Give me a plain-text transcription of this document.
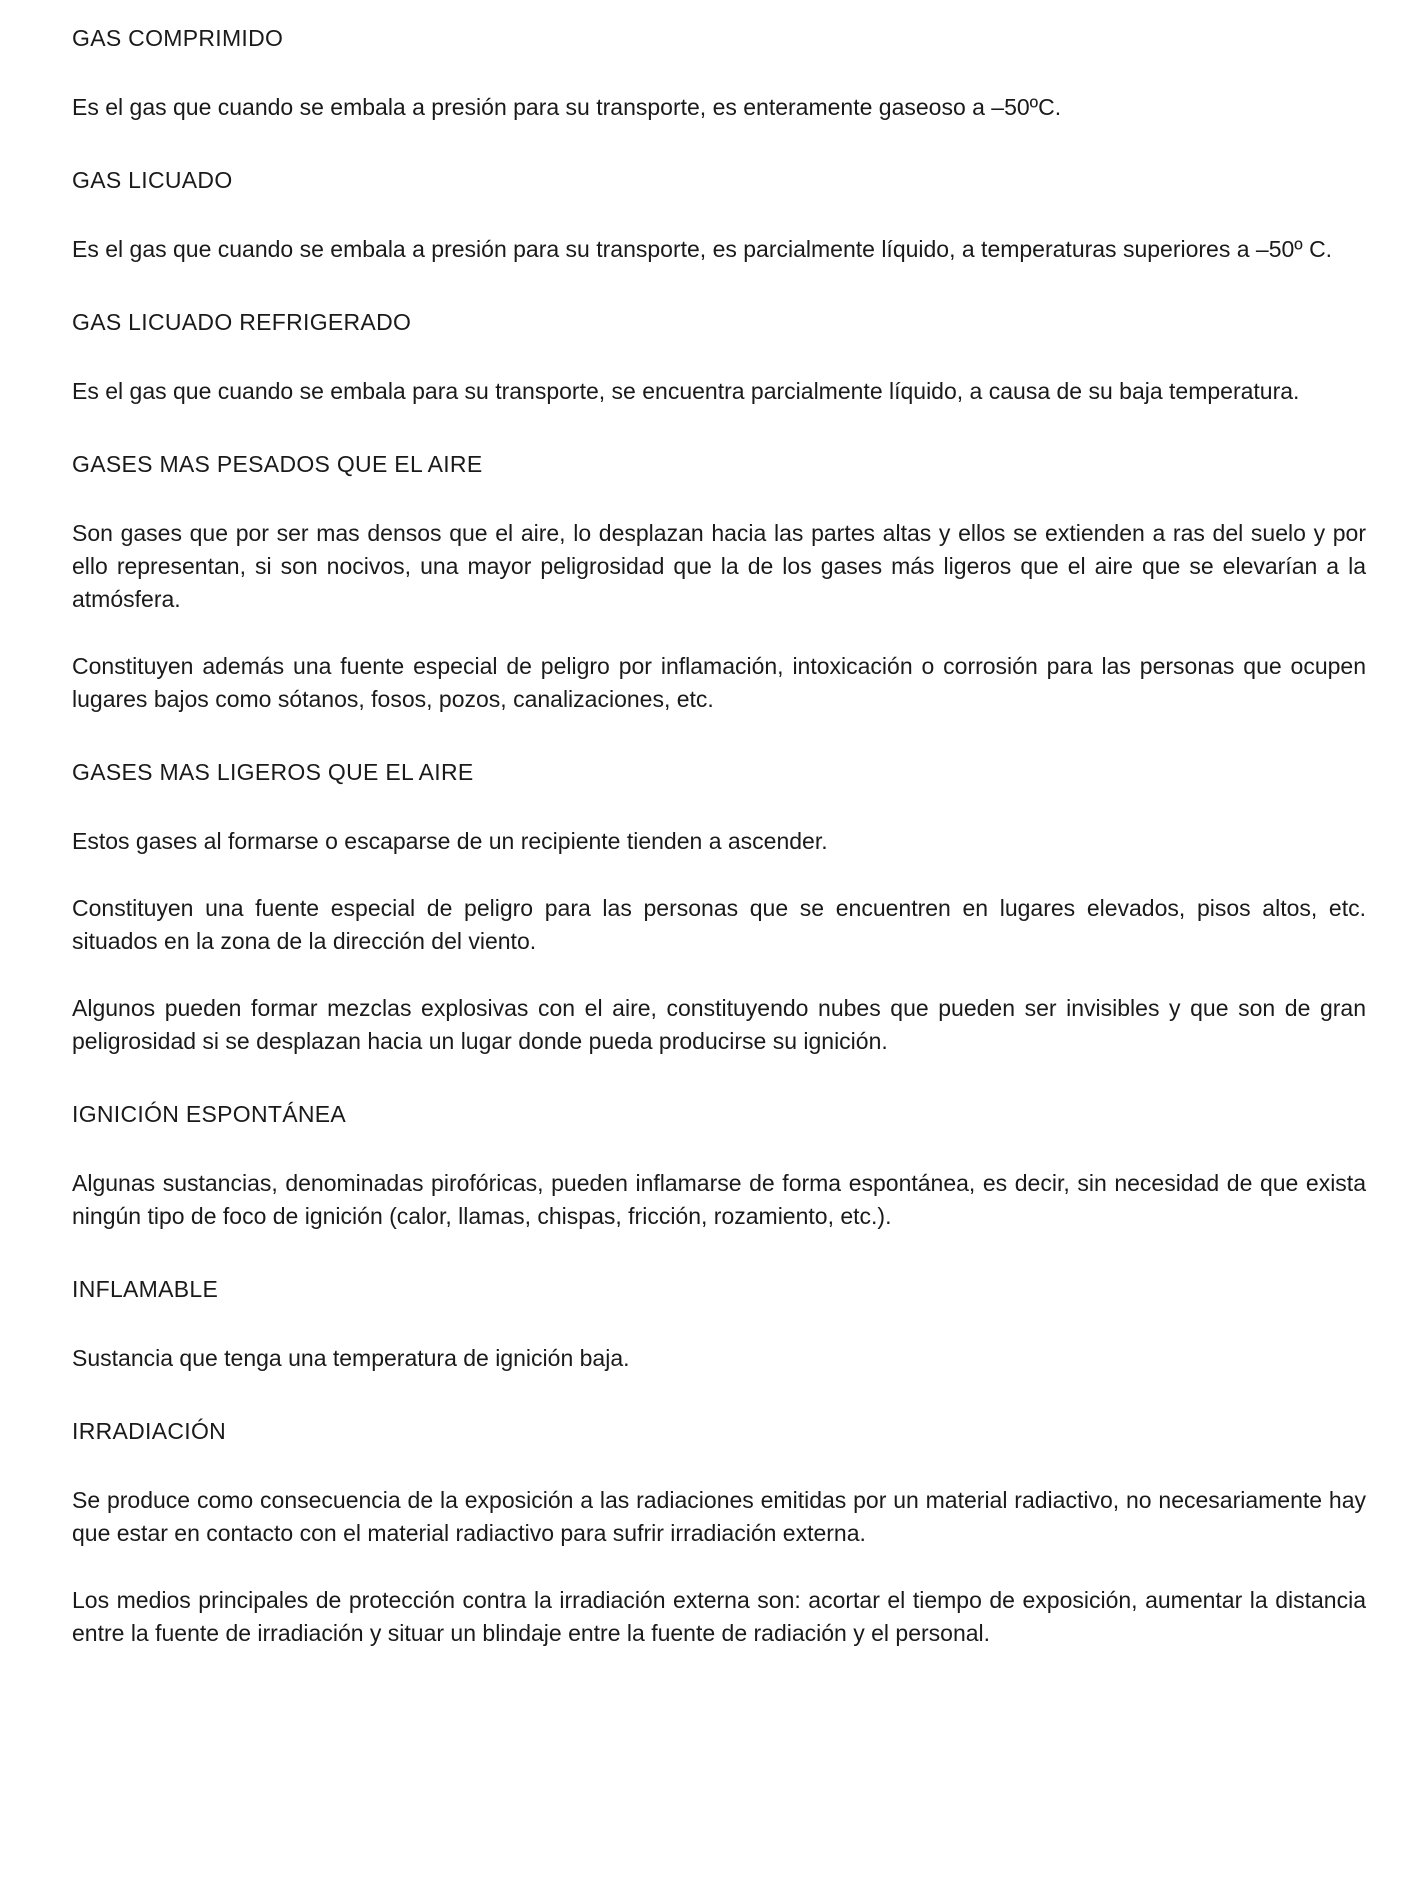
GAS COMPRIMIDO

Es el gas que cuando se embala a presión para su transporte, es enteramente gaseoso a –50ºC.

GAS LICUADO

Es el gas que cuando se embala a presión para su transporte, es parcialmente líquido, a temperaturas superiores a –50º C.

GAS LICUADO REFRIGERADO

Es el gas que cuando se embala para su transporte, se encuentra parcialmente líquido, a causa de su baja temperatura.

GASES MAS PESADOS QUE EL AIRE

Son gases que por ser mas densos que el aire, lo desplazan hacia las partes altas y ellos se extienden a ras del suelo y por ello representan, si son nocivos, una mayor peligrosidad que la de los gases más ligeros que el aire que se elevarían a la atmósfera.

Constituyen además una fuente especial de peligro por inflamación, intoxicación o corrosión para las personas que ocupen lugares bajos como sótanos, fosos, pozos, canalizaciones, etc.

GASES MAS LIGEROS QUE EL AIRE

Estos gases al formarse o escaparse de un recipiente tienden a ascender.

Constituyen una fuente especial de peligro para las personas que se encuentren en lugares elevados, pisos altos, etc. situados en la zona de la dirección del viento.

Algunos pueden formar mezclas explosivas con el aire, constituyendo nubes que pueden ser invisibles y que son de gran peligrosidad si se desplazan hacia un lugar donde pueda producirse su ignición.

IGNICIÓN ESPONTÁNEA

Algunas sustancias, denominadas pirofóricas, pueden inflamarse de forma espontánea, es decir, sin necesidad de que exista ningún tipo de foco de ignición (calor, llamas, chispas, fricción, rozamiento, etc.).

INFLAMABLE

Sustancia que tenga una temperatura de ignición baja.

IRRADIACIÓN

Se produce como consecuencia de la exposición a las radiaciones emitidas por un material radiactivo, no necesariamente hay que estar en contacto con el material radiactivo para sufrir irradiación externa.

Los medios principales de protección contra la irradiación externa son: acortar el tiempo de exposición, aumentar la distancia entre la fuente de irradiación y situar un blindaje entre la fuente de radiación y el personal.
